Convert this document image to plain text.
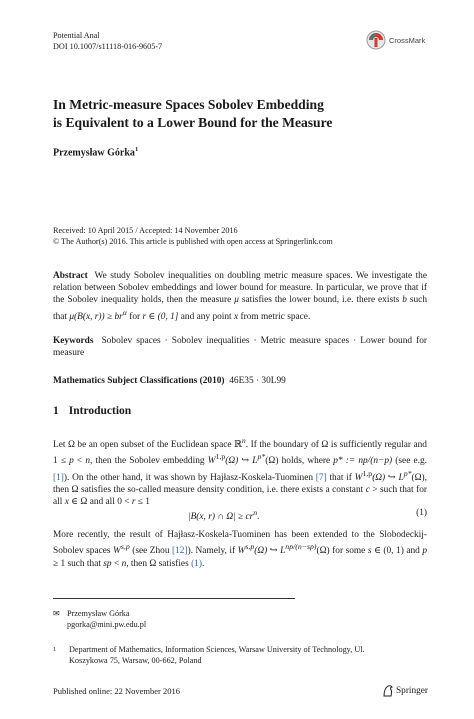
Potential Anal
DOI 10.1007/s11118-016-9605-7
CrossMark
In Metric-measure Spaces Sobolev Embedding
is Equivalent to a Lower Bound for the Measure
Przemysław Górka$^1$
Received: 10 April 2015 / Accepted: 14 November 2016
© The Author(s) 2016. This article is published with open access at Springerlink.com
Abstract We study Sobolev inequalities on doubling metric measure spaces. We investigate the relation between Sobolev embeddings and lower bound for measure. In particular, we prove that if the Sobolev inequality holds, then the measure μ satisfies the lower bound, i.e. there exists b such that μ(B(x, $r)) \ge br^\alpha$ for r ∈ (0, 1] and any point x from metric space.
Keywords Sobolev spaces · Sobolev inequalities · Metric measure spaces · Lower bound for measure
Mathematics Subject Classifications (2010) 46E35 · 30L99
1 Introduction
Let Ω be an open subset of the Euclidean space ℝ$^n$. If the boundary of Ω is sufficiently regular and 1 ≤ p < n, then the Sobolev embedding W$^{1,p}$(Ω) ↪ $L^{p*}(\Omega)$ holds, where p* := np/(n−p) (see e.g. [1]). On the other hand, it was shown by Hajłasz-Koskela-Tuominen [7] that if W$^{1,p}$(Ω) ↪ $L^{p*}(\Omega)$, then Ω satisfies the so-called measure density condition, i.e. there exists a constant c > such that for all x ∈ Ω and all 0 < r ≤ 1
|B(x, r) ∩ $\Omega| \ge cr^n$.	(1)
More recently, the result of Hajłasz-Koskela-Tuominen has been extended to the Slobodeckij-Sobolev spaces W$^{s,p}$ (see Zhou [12]). Namely, if W$^{s,p}$(Ω) ↪ $L^{np/(n-sp)}(\Omega)$ for some s ∈ (0, 1) and p ≥ 1 such that sp < n, then Ω satisfies (1).
✉ Przemysław Górka
pgorka@mini.pw.edu.pl
1 Department of Mathematics, Information Sciences, Warsaw University of Technology, Ul.
Koszykowa 75, Warsaw, 00-662, Poland
Published online: 22 November 2016	Springer
